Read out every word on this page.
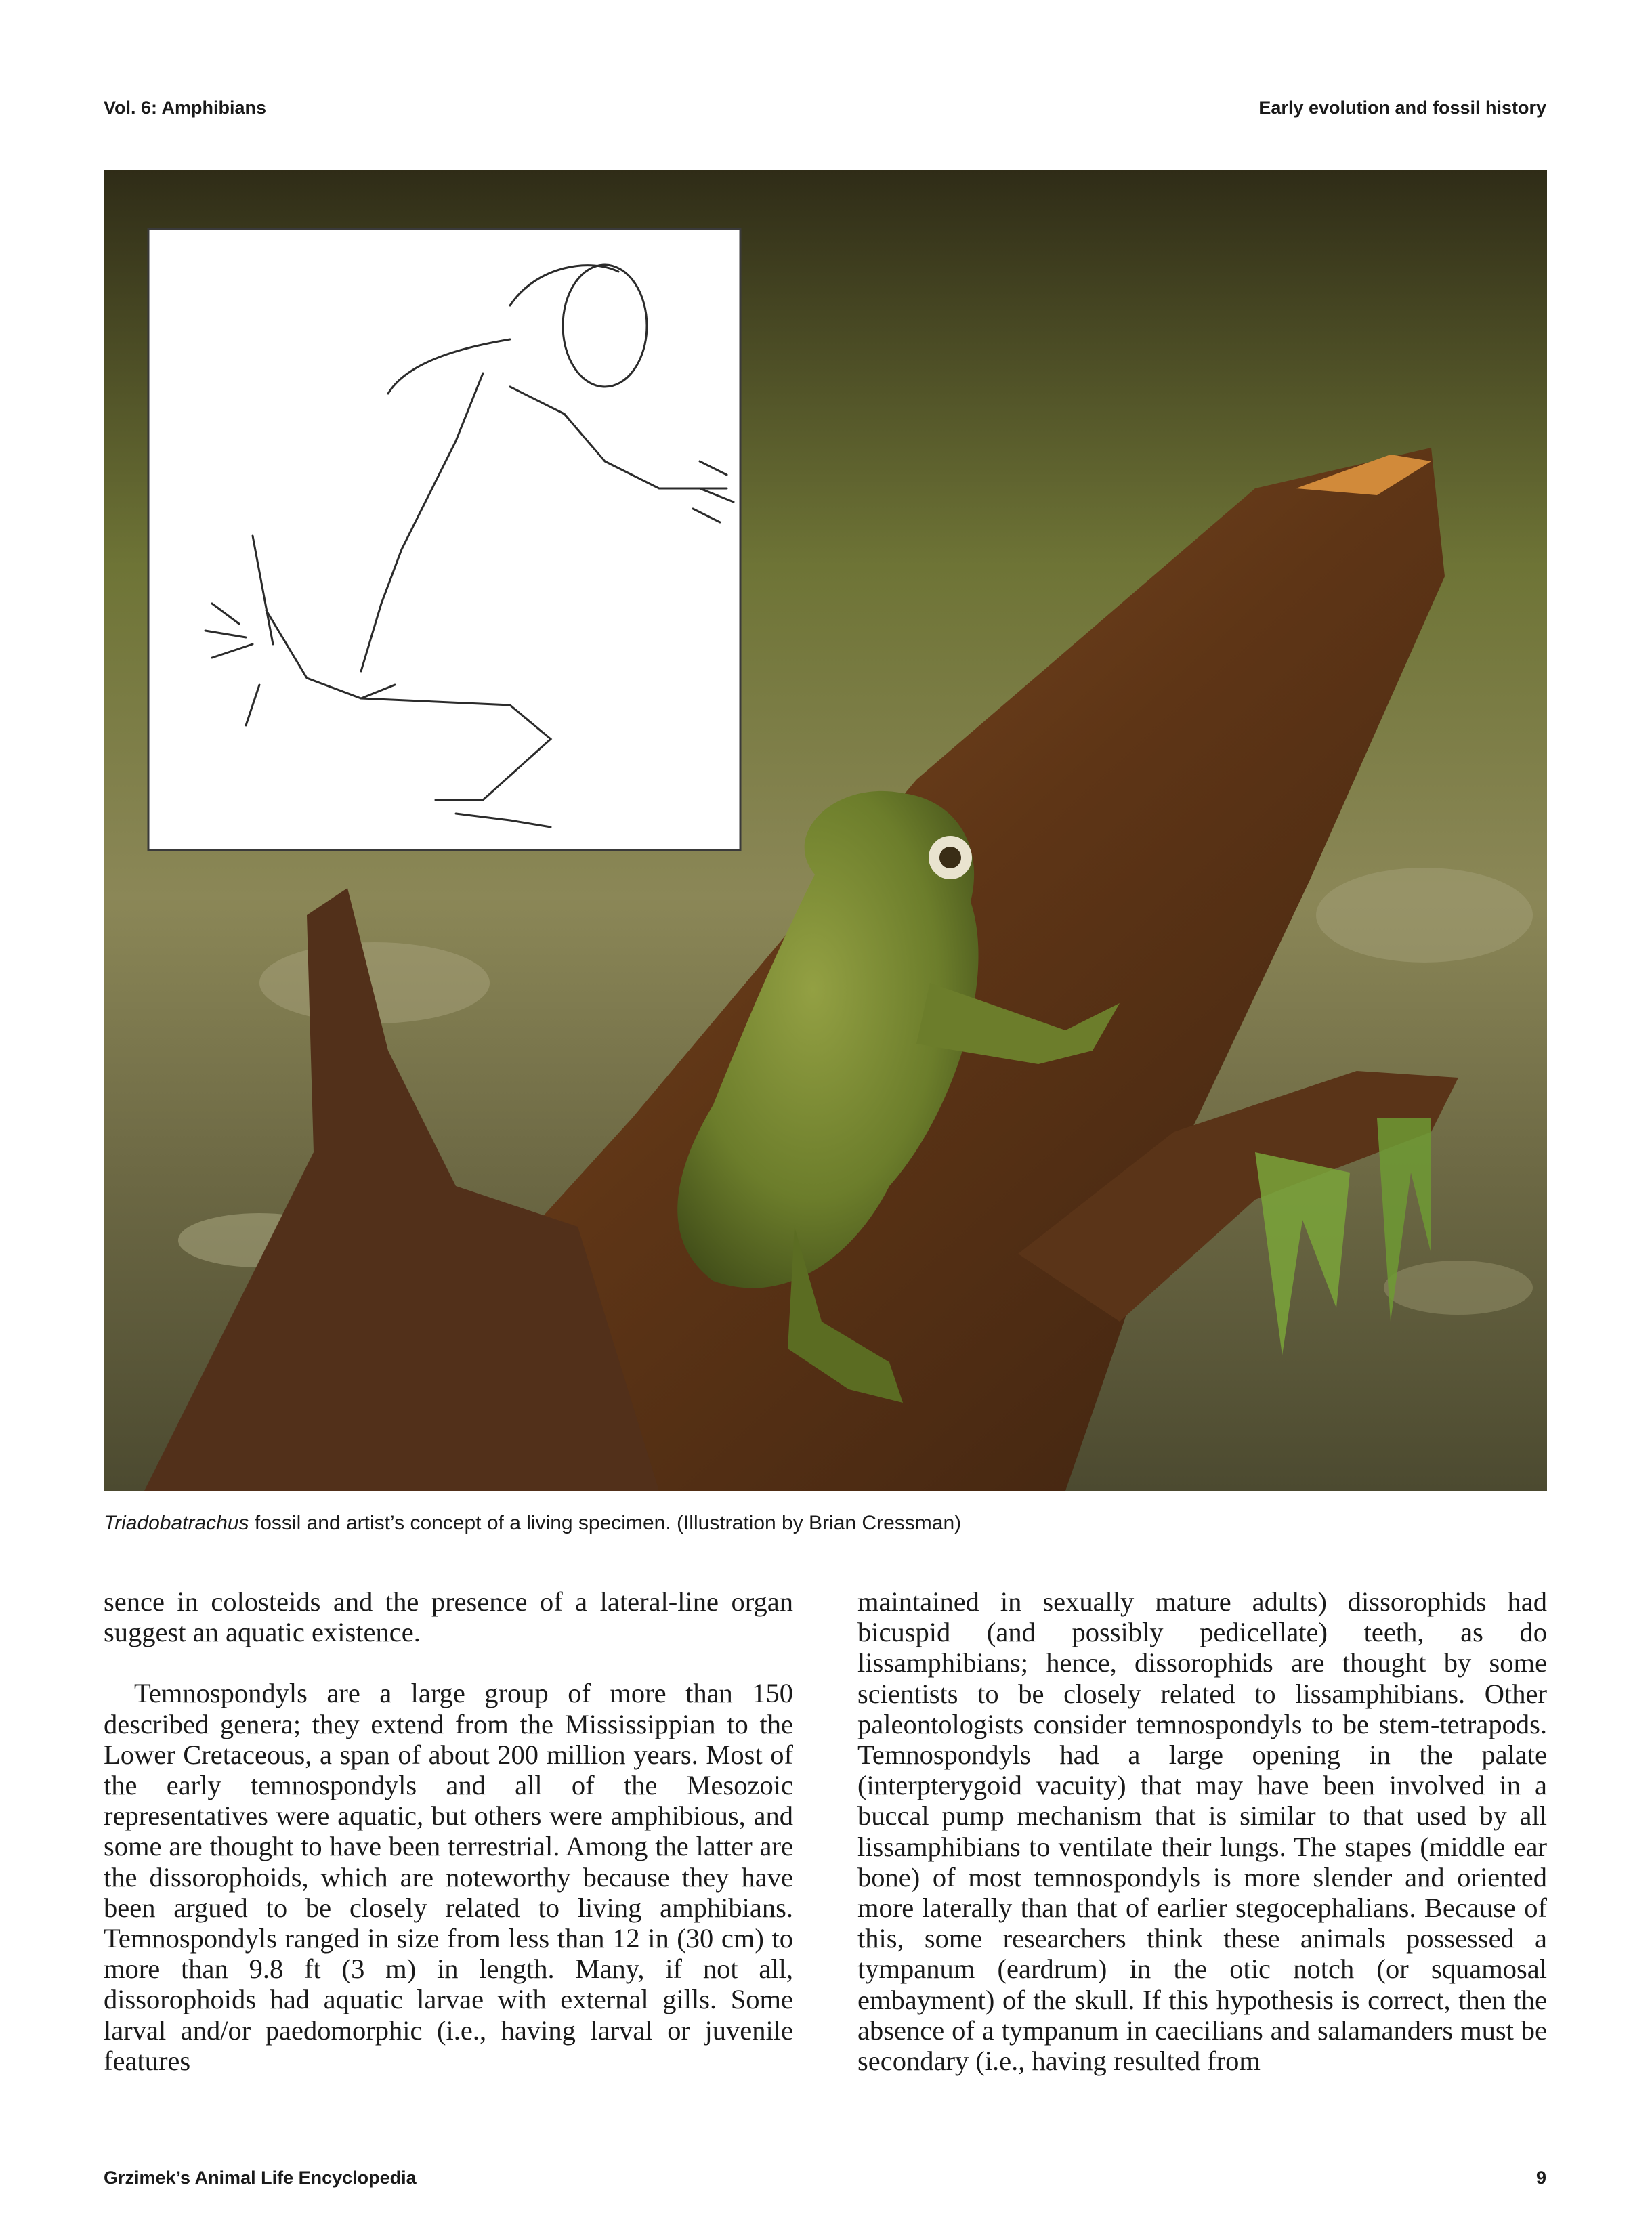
Vol. 6: Amphibians	Early evolution and fossil history
Triadobatrachus fossil and artist’s concept of a living specimen. (Illustration by Brian Cressman)

sence in colosteids and the presence of a lateral-line organ suggest an aquatic existence.

Temnospondyls are a large group of more than 150 described genera; they extend from the Mississippian to the Lower Cretaceous, a span of about 200 million years. Most of the early temnospondyls and all of the Mesozoic representatives were aquatic, but others were amphibious, and some are thought to have been terrestrial. Among the latter are the dissorophoids, which are noteworthy because they have been argued to be closely related to living amphibians. Temnospondyls ranged in size from less than 12 in (30 cm) to more than 9.8 ft (3 m) in length. Many, if not all, dissorophoids had aquatic larvae with external gills. Some larval and/or paedomorphic (i.e., having larval or juvenile features

maintained in sexually mature adults) dissorophids had bicuspid (and possibly pedicellate) teeth, as do lissamphibians; hence, dissorophids are thought by some scientists to be closely related to lissamphibians. Other paleontologists consider temnospondyls to be stem-tetrapods. Temnospondyls had a large opening in the palate (interpterygoid vacuity) that may have been involved in a buccal pump mechanism that is similar to that used by all lissamphibians to ventilate their lungs. The stapes (middle ear bone) of most temnospondyls is more slender and oriented more laterally than that of earlier stegocephalians. Because of this, some researchers think these animals possessed a tympanum (eardrum) in the otic notch (or squamosal embayment) of the skull. If this hypothesis is correct, then the absence of a tympanum in caecilians and salamanders must be secondary (i.e., having resulted from

Grzimek’s Animal Life Encyclopedia	9
